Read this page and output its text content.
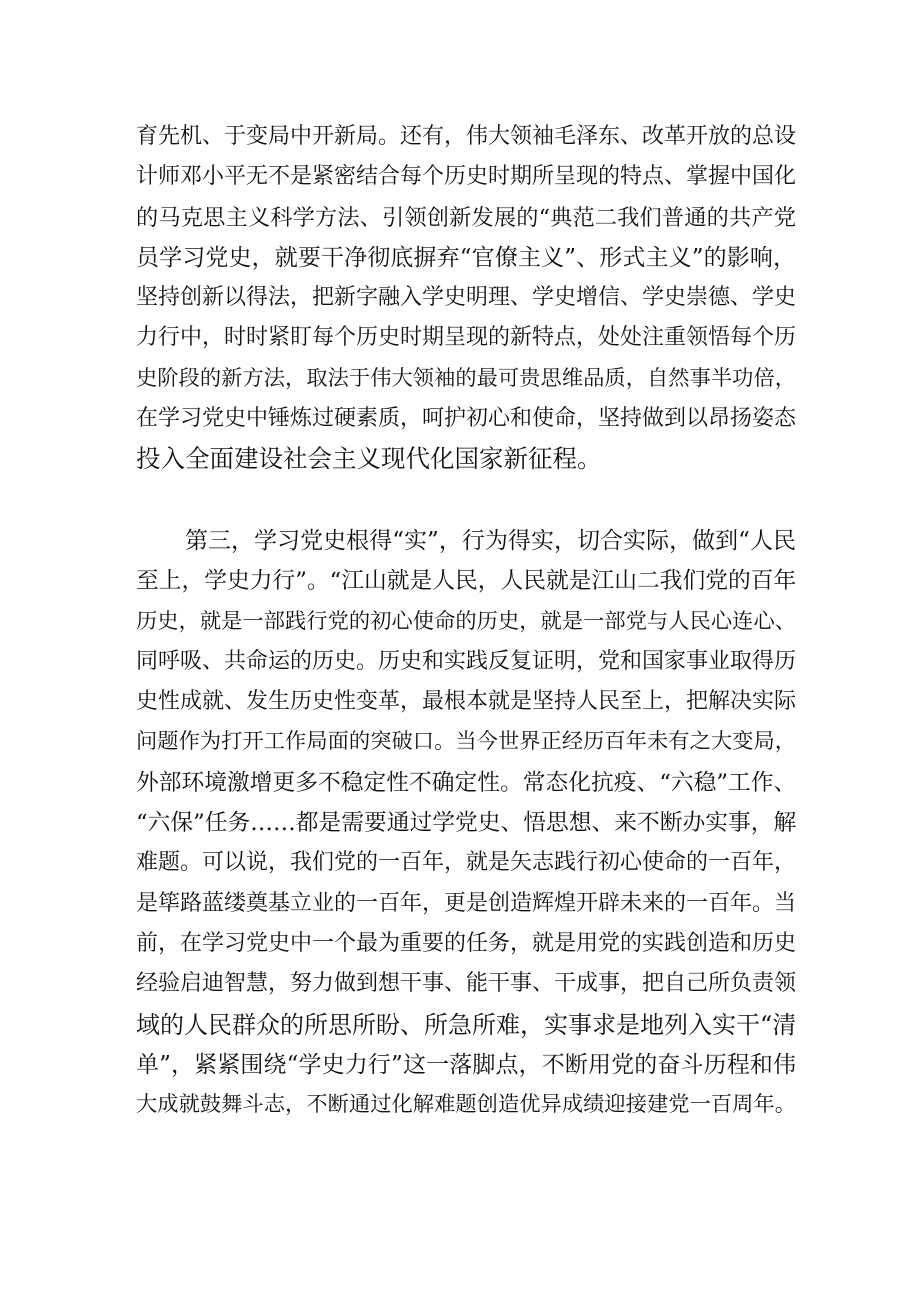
育先机、于变局中开新局。还有，伟大领袖毛泽东、改革开放的总设
计师邓小平无不是紧密结合每个历史时期所呈现的特点、掌握中国化
的马克思主义科学方法、引领创新发展的“典范二我们普通的共产党
员学习党史，就要干净彻底摒弃“官僚主义”、形式主义”的影响，
坚持创新以得法，把新字融入学史明理、学史增信、学史崇德、学史
力行中，时时紧盯每个历史时期呈现的新特点，处处注重领悟每个历
史阶段的新方法，取法于伟大领袖的最可贵思维品质，自然事半功倍，
在学习党史中锤炼过硬素质，呵护初心和使命，坚持做到以昂扬姿态
投入全面建设社会主义现代化国家新征程。
第三，学习党史根得“实”，行为得实，切合实际，做到“人民
至上，学史力行”。“江山就是人民，人民就是江山二我们党的百年
历史，就是一部践行党的初心使命的历史，就是一部党与人民心连心、
同呼吸、共命运的历史。历史和实践反复证明，党和国家事业取得历
史性成就、发生历史性变革，最根本就是坚持人民至上，把解决实际
问题作为打开工作局面的突破口。当今世界正经历百年未有之大变局，
外部环境激增更多不稳定性不确定性。常态化抗疫、“六稳”工作、
“六保”任务……都是需要通过学党史、悟思想、来不断办实事，解
难题。可以说，我们党的一百年，就是矢志践行初心使命的一百年，
是筚路蓝缕奠基立业的一百年，更是创造辉煌开辟未来的一百年。当
前，在学习党史中一个最为重要的任务，就是用党的实践创造和历史
经验启迪智慧，努力做到想干事、能干事、干成事，把自己所负责领
域的人民群众的所思所盼、所急所难，实事求是地列入实干“清
单”，紧紧围绕“学史力行”这一落脚点，不断用党的奋斗历程和伟
大成就鼓舞斗志，不断通过化解难题创造优异成绩迎接建党一百周年。
